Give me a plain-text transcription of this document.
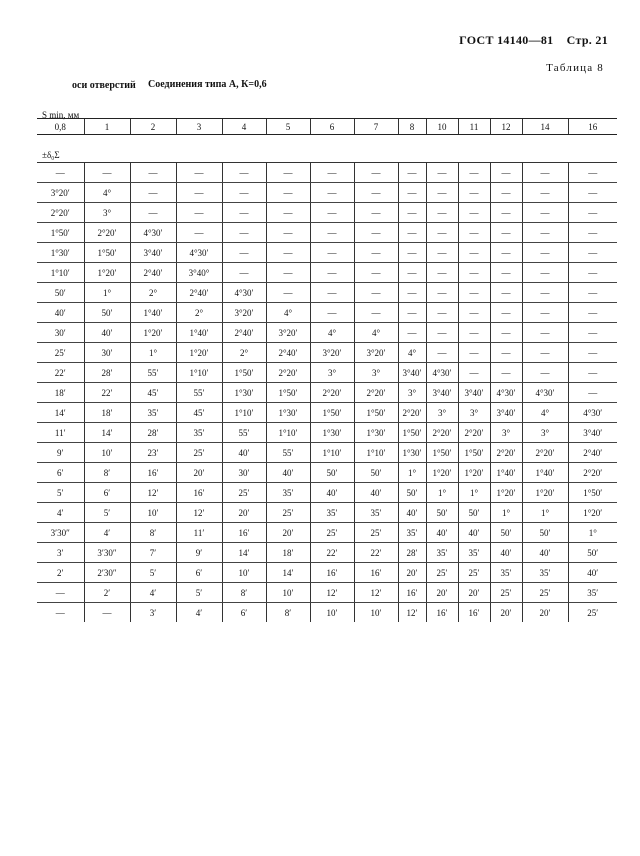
ГОСТ 14140—81 Стр. 21
Таблица 8
оси отверстий Соединения типа А, К=0,6
S min, мм
±δ₀Σ
0,8	1	2	3	4	5	6	7	8	10	11	12	14	16

—	—	—	—	—	—	—	—	—	—	—	—	—	—
3°20′	4°	—	—	—	—	—	—	—	—	—	—	—	—
2°20′	3°	—	—	—	—	—	—	—	—	—	—	—	—
1°50′	2°20′	4°30′	—	—	—	—	—	—	—	—	—	—	—
1°30′	1°50′	3°40′	4°30′	—	—	—	—	—	—	—	—	—	—
1°10′	1°20′	2°40′	3°40°	—	—	—	—	—	—	—	—	—	—
50′	1°	2°	2°40′	4°30′	—	—	—	—	—	—	—	—	—
40′	50′	1°40′	2°	3°20′	4°	—	—	—	—	—	—	—	—
30′	40′	1°20′	1°40′	2°40′	3°20′	4°	4°	—	—	—	—	—	—
25′	30′	1°	1°20′	2°	2°40′	3°20′	3°20′	4°	—	—	—	—	—
22′	28′	55′	1°10′	1°50′	2°20′	3°	3°	3°40′	4°30′	—	—	—	—
18′	22′	45′	55′	1°30′	1°50′	2°20′	2°20′	3°	3°40′	3°40′	4°30′	4°30′	—
14′	18′	35′	45′	1°10′	1°30′	1°50′	1°50′	2°20′	3°	3°	3°40′	4°	4°30′
11′	14′	28′	35′	55′	1°10′	1°30′	1°30′	1°50′	2°20′	2°20′	3°	3°	3°40′
9′	10′	23′	25′	40′	55′	1°10′	1°10′	1°30′	1°50′	1°50′	2°20′	2°20′	2°40′
6′	8′	16′	20′	30′	40′	50′	50′	1°	1°20′	1°20′	1°40′	1°40′	2°20′
5′	6′	12′	16′	25′	35′	40′	40′	50′	1°	1°	1°20′	1°20′	1°50′
4′	5′	10′	12′	20′	25′	35′	35′	40′	50′	50′	1°	1°	1°20′
3′30″	4′	8′	11′	16′	20′	25′	25′	35′	40′	40′	50′	50′	1°
3′	3′30″	7′	9′	14′	18′	22′	22′	28′	35′	35′	40′	40′	50′
2′	2′30″	5′	6′	10′	14′	16′	16′	20′	25′	25′	35′	35′	40′
—	2′	4′	5′	8′	10′	12′	12′	16′	20′	20′	25′	25′	35′
—	—	3′	4′	6′	8′	10′	10′	12′	16′	16′	20′	20′	25′
